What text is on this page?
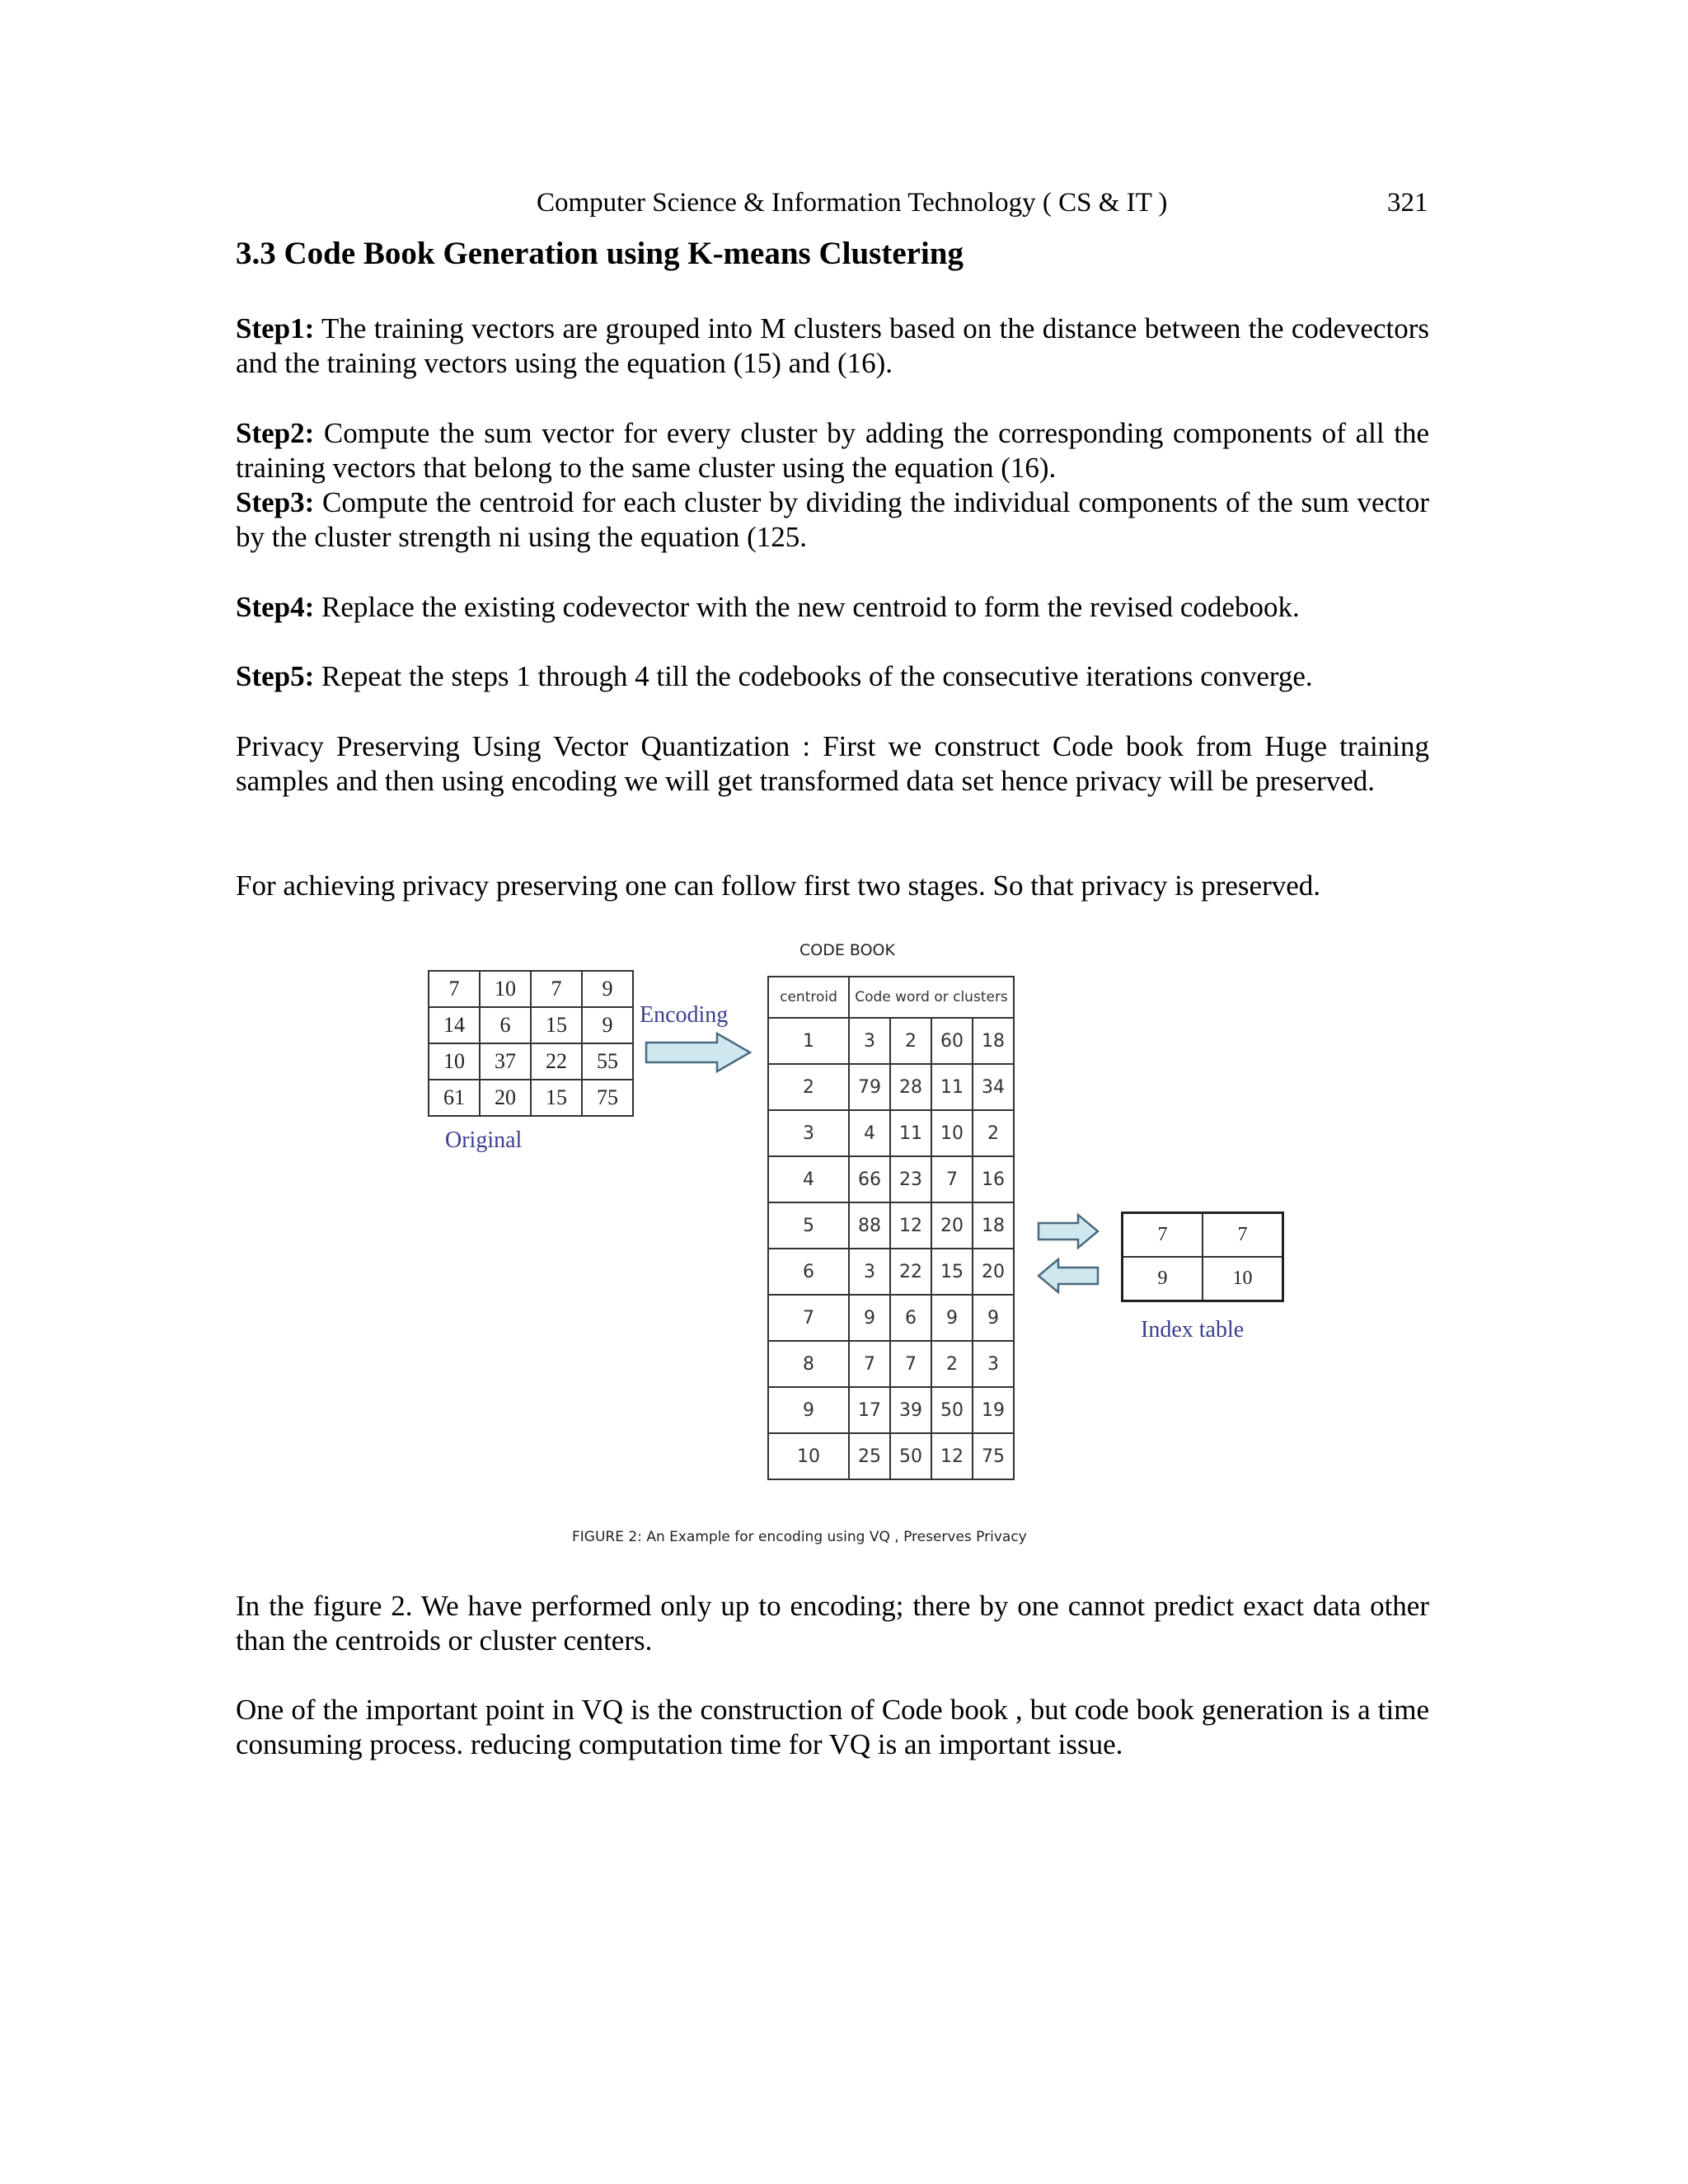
Computer Science & Information Technology ( CS & IT )	321
3.3 Code Book Generation using K-means Clustering

Step1: The training vectors are grouped into M clusters based on the distance between the codevectors and the training vectors using the equation (15) and (16).

Step2: Compute the sum vector for every cluster by adding the corresponding components of all the training vectors that belong to the same cluster using the equation (16).

Step3: Compute the centroid for each cluster by dividing the individual components of the sum vector by the cluster strength ni using the equation (125.

Step4: Replace the existing codevector with the new centroid to form the revised codebook.

Step5: Repeat the steps 1 through 4 till the codebooks of the consecutive iterations converge.

Privacy Preserving Using Vector Quantization : First we construct Code book from Huge training samples and then using encoding we will get transformed data set hence privacy will be preserved.

For achieving privacy preserving one can follow first two stages. So that privacy is preserved.

7	10	7	9
14	6	15	9
10	37	22	55
61	20	15	75
Original
Encoding
CODE BOOK
centroid	Code word or clusters			
1	3	2	60	18
2	79	28	11	34
3	4	11	10	2
4	66	23	7	16
5	88	12	20	18
6	3	22	15	20
7	9	6	9	9
8	7	7	2	3
9	17	39	50	19
10	25	50	12	75
7	7
9	10
Index table
FIGURE 2: An Example for encoding using VQ , Preserves Privacy

In the figure 2. We have performed only up to encoding; there by one cannot predict exact data other than the centroids or cluster centers.

One of the important point in VQ is the construction of Code book , but code book generation is a time consuming process. reducing computation time for VQ is an important issue.
